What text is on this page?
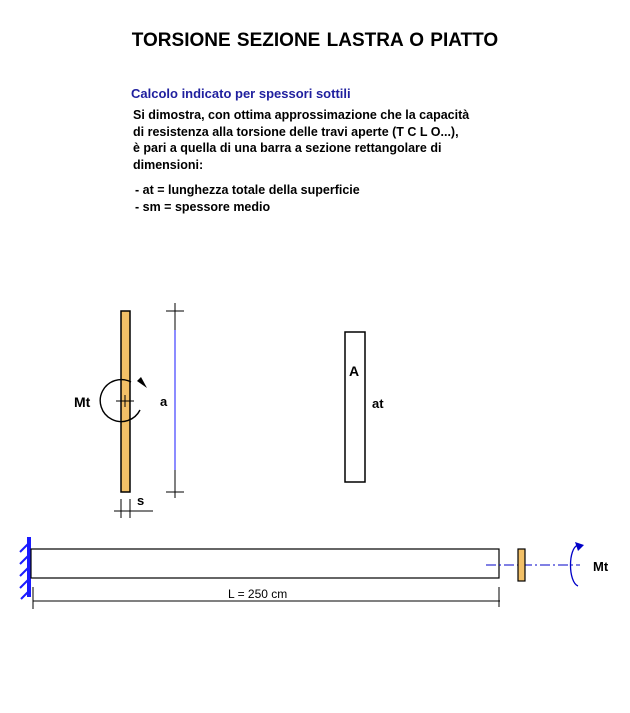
TORSIONE SEZIONE LASTRA O PIATTO
Calcolo indicato per spessori sottili
Si dimostra, con ottima approssimazione che la capacità
di resistenza alla torsione delle travi aperte (T C L O...),
è pari a quella di una barra a sezione rettangolare di
dimensioni:
- at = lunghezza totale della superficie
- sm = spessore medio
Mt	a
s
A
at
Mt
L = 250 cm
